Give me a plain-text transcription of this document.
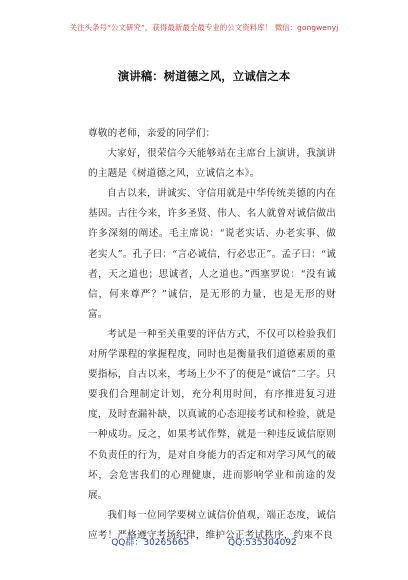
关注头条号“公文研究”，获得最新最全最专业的公文资料库！ 微信：gongwenyj
演讲稿：树道德之风，立诚信之本

尊敬的老师，亲爱的同学们：

大家好，很荣信今天能够站在主席台上演讲，我演讲的主题是《树道德之风，立诚信之本》。

自古以来，讲诚实、守信用就是中华传统美德的内在基因。古往今来，许多圣贤、伟人、名人就曾对诚信做出许多深刻的阐述。毛主席说：“说老实话、办老实事、做老实人”。孔子曰：“言必诚信，行必忠正”。孟子曰：“诚者，天之道也；思诚者，人之道也。”西塞罗说：“没有诚信，何来尊严？”诚信，是无形的力量，也是无形的财富。

考试是一种至关重要的评估方式，不仅可以检验我们对所学课程的掌握程度，同时也是衡量我们道德素质的重要指标，自古以来，考场上少不了的便是“诚信”二字。只要我们合理制定计划，充分利用时间，有序推进复习进度，及时查漏补缺，以真诚的心态迎接考试和检验，就是一种成功。反之，如果考试作弊，就是一种违反诚信原则不负责任的行为，是对自身能力的否定和对学习风气的破坏，会危害我们的心理健康，进而影响学业和前途的发展。

我们每一位同学要树立诚信价值观，端正态度，诚信应考！严格遵守考场纪律，维护公正考试秩序，约束不良

QQ群：30265665	QQ:535304092
